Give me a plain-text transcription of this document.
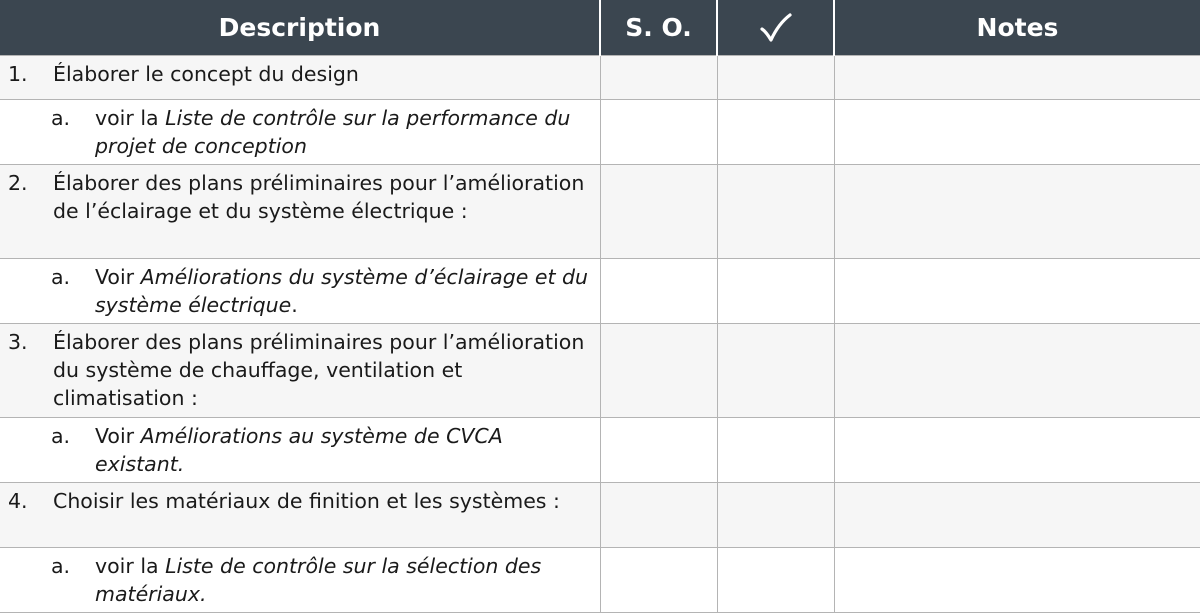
Description	S. O.		Notes

1. Élaborer le concept du design			

a. voir la Liste de contrôle sur la performance du projet de conception			

2. Élaborer des plans préliminaires pour l’amélioration de l’éclairage et du système électrique :			

a. Voir Améliorations du système d’éclairage et du système électrique.			

3. Élaborer des plans préliminaires pour l’amélioration du système de chauffage, ventilation et climatisation :			

a. Voir Améliorations au système de CVCA existant.			

4. Choisir les matériaux de finition et les systèmes :			

a. voir la Liste de contrôle sur la sélection des matériaux.			
